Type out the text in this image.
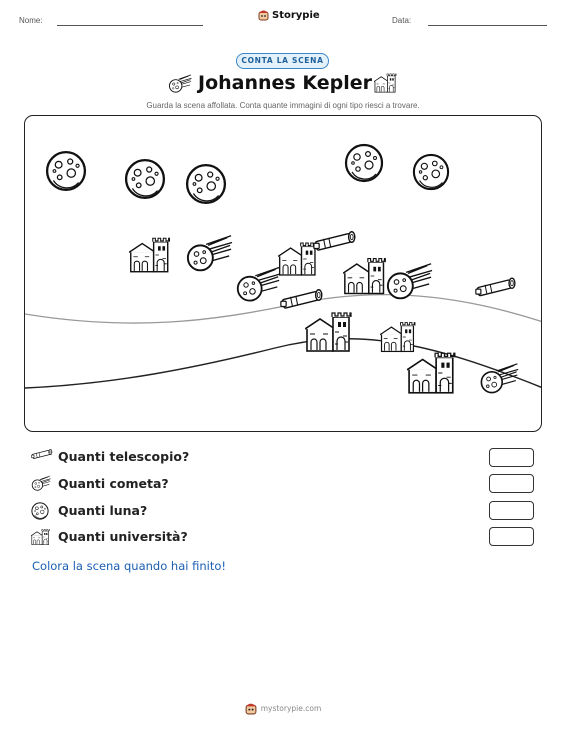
Nome:	Storypie	Data:
CONTA LA SCENA
Johannes Kepler
Guarda la scena affollata. Conta quante immagini di ogni tipo riesci a trovare.
Quanti telescopio?
Quanti cometa?
Quanti luna?
Quanti università?
Colora la scena quando hai finito!
mystorypie.com
